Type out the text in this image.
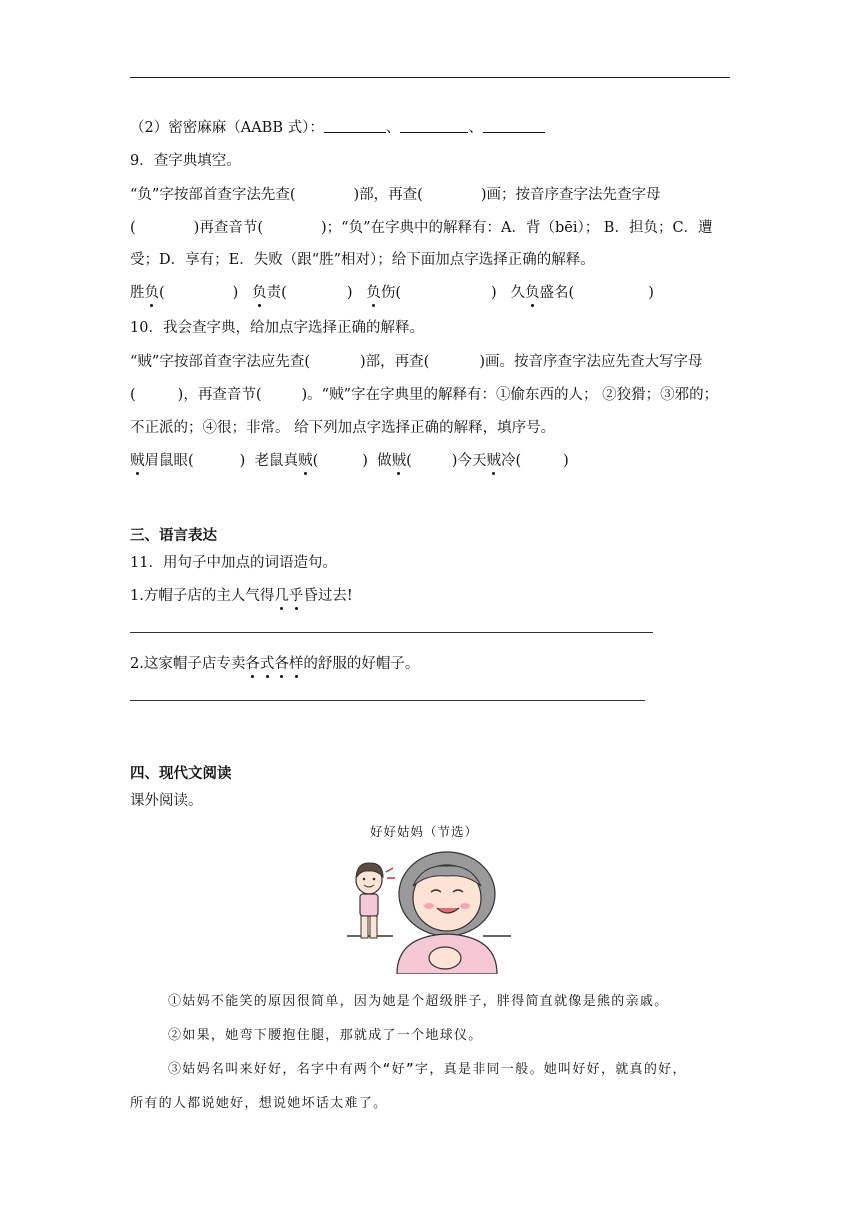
（2）密密麻麻（AABB 式）：	、	、
9．查字典填空。
“负”字按部首查字法先查(	)部，再查(	)画；按音序查字法先查字母
(	)再查音节(	)；“负”在字典中的解释有：A．背（bēi）； B．担负；C．遭
受；D．享有；E．失败（跟“胜”相对）；给下面加点字选择正确的解释。
胜负(	)   负责(	)   负伤(	)   久负盛名(	)
10．我会查字典，给加点字选择正确的解释。
“贼”字按部首查字法应先查(	)部，再查(	)画。按音序查字法应先查大写字母
(	)，再查音节(	)。“贼”字在字典里的解释有：①偷东西的人； ②狡猾；③邪的；
不正派的；④很；非常。 给下列加点字选择正确的解释，填序号。
贼眉鼠眼(	)  老鼠真贼(	)  做贼(	)今天贼冷(	)
三、语言表达
11．用句子中加点的词语造句。
1.方帽子店的主人气得几乎昏过去!
2.这家帽子店专卖各式各样的舒服的好帽子。
四、现代文阅读
课外阅读。
好好姑妈（节选）
①姑妈不能笑的原因很简单，因为她是个超级胖子，胖得简直就像是熊的亲戚。
②如果，她弯下腰抱住腿，那就成了一个地球仪。
③姑妈名叫来好好，名字中有两个“好”字，真是非同一般。她叫好好，就真的好，
所有的人都说她好，想说她坏话太难了。
